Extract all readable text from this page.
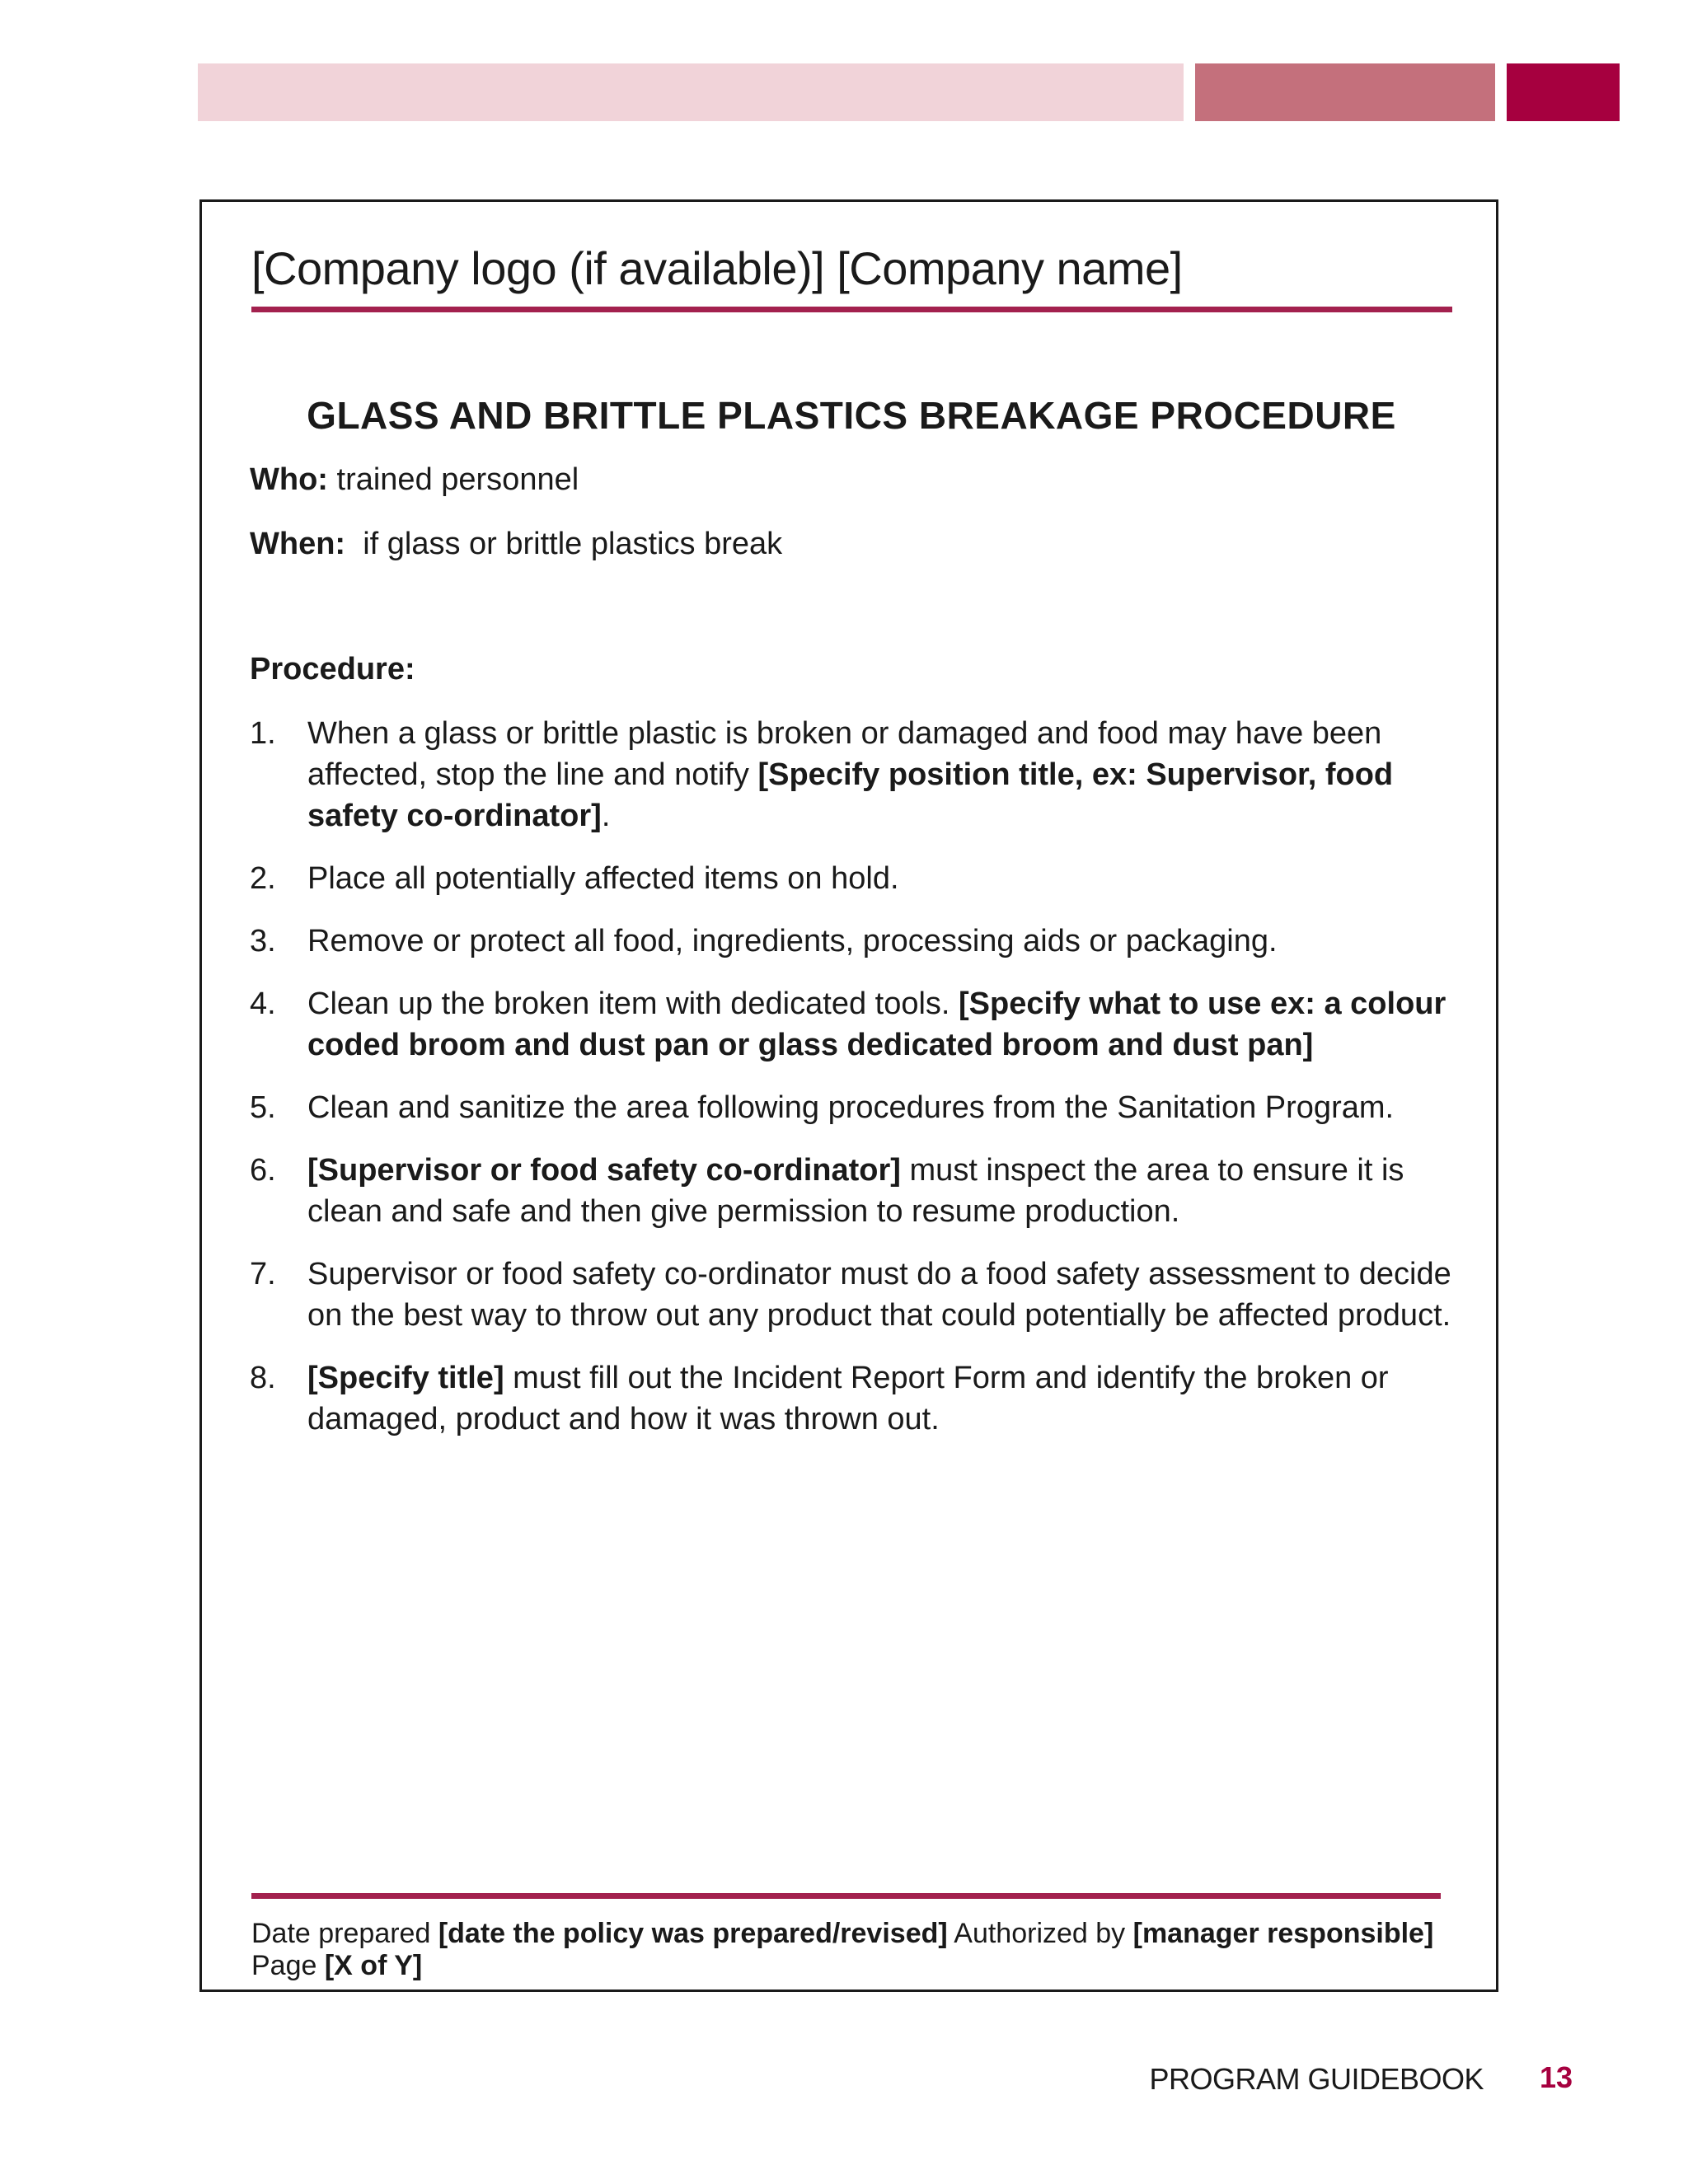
[Company logo (if available)] [Company name]
GLASS AND BRITTLE PLASTICS BREAKAGE PROCEDURE
Who: trained personnel
When:  if glass or brittle plastics break
Procedure:
1.	When a glass or brittle plastic is broken or damaged and food may have been affected, stop the line and notify [Specify position title, ex: Supervisor, food safety co-ordinator].
2.	Place all potentially affected items on hold.
3.	Remove or protect all food, ingredients, processing aids or packaging.
4.	Clean up the broken item with dedicated tools. [Specify what to use ex: a colour coded broom and dust pan or glass dedicated broom and dust pan]
5.	Clean and sanitize the area following procedures from the Sanitation Program.
6.	[Supervisor or food safety co-ordinator] must inspect the area to ensure it is clean and safe and then give permission to resume production.
7.	Supervisor or food safety co-ordinator must do a food safety assessment to decide on the best way to throw out any product that could potentially be affected product.
8.	[Specify title] must fill out the Incident Report Form and identify the broken or damaged, product and how it was thrown out.
Date prepared [date the policy was prepared/revised] Authorized by [manager responsible] Page [X of Y]
PROGRAM GUIDEBOOK 13
